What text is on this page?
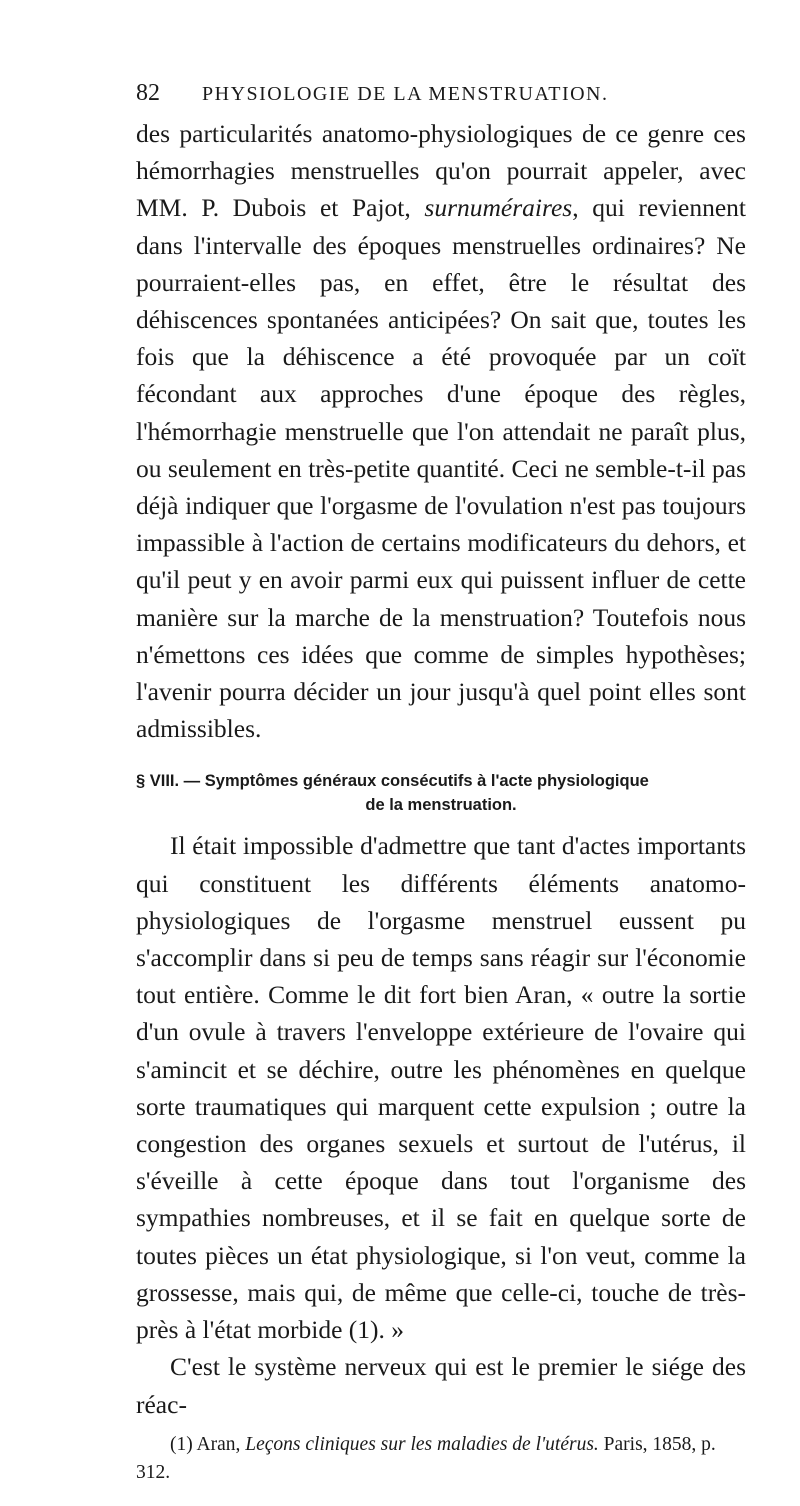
82 PHYSIOLOGIE DE LA MENSTRUATION.

des particularités anatomo-physiologiques de ce genre ces hémorrhagies menstruelles qu'on pourrait appeler, avec MM. P. Dubois et Pajot, surnuméraires, qui reviennent dans l'intervalle des époques menstruelles ordinaires? Ne pourraient-elles pas, en effet, être le résultat des déhiscences spontanées anticipées? On sait que, toutes les fois que la déhiscence a été provoquée par un coït fécondant aux approches d'une époque des règles, l'hémorrhagie menstruelle que l'on attendait ne paraît plus, ou seulement en très-petite quantité. Ceci ne semble-t-il pas déjà indiquer que l'orgasme de l'ovulation n'est pas toujours impassible à l'action de certains modificateurs du dehors, et qu'il peut y en avoir parmi eux qui puissent influer de cette manière sur la marche de la menstruation? Toutefois nous n'émettons ces idées que comme de simples hypothèses; l'avenir pourra décider un jour jusqu'à quel point elles sont admissibles.

§ VIII. — Symptômes généraux consécutifs à l'acte physiologique
de la menstruation.

Il était impossible d'admettre que tant d'actes importants qui constituent les différents éléments anatomo-physiologiques de l'orgasme menstruel eussent pu s'accomplir dans si peu de temps sans réagir sur l'économie tout entière. Comme le dit fort bien Aran, « outre la sortie d'un ovule à travers l'enveloppe extérieure de l'ovaire qui s'amincit et se déchire, outre les phénomènes en quelque sorte traumatiques qui marquent cette expulsion ; outre la congestion des organes sexuels et surtout de l'utérus, il s'éveille à cette époque dans tout l'organisme des sympathies nombreuses, et il se fait en quelque sorte de toutes pièces un état physiologique, si l'on veut, comme la grossesse, mais qui, de même que celle-ci, touche de très-près à l'état morbide (1). »

C'est le système nerveux qui est le premier le siége des réac-

(1) Aran, Leçons cliniques sur les maladies de l'utérus. Paris, 1858, p. 312.
